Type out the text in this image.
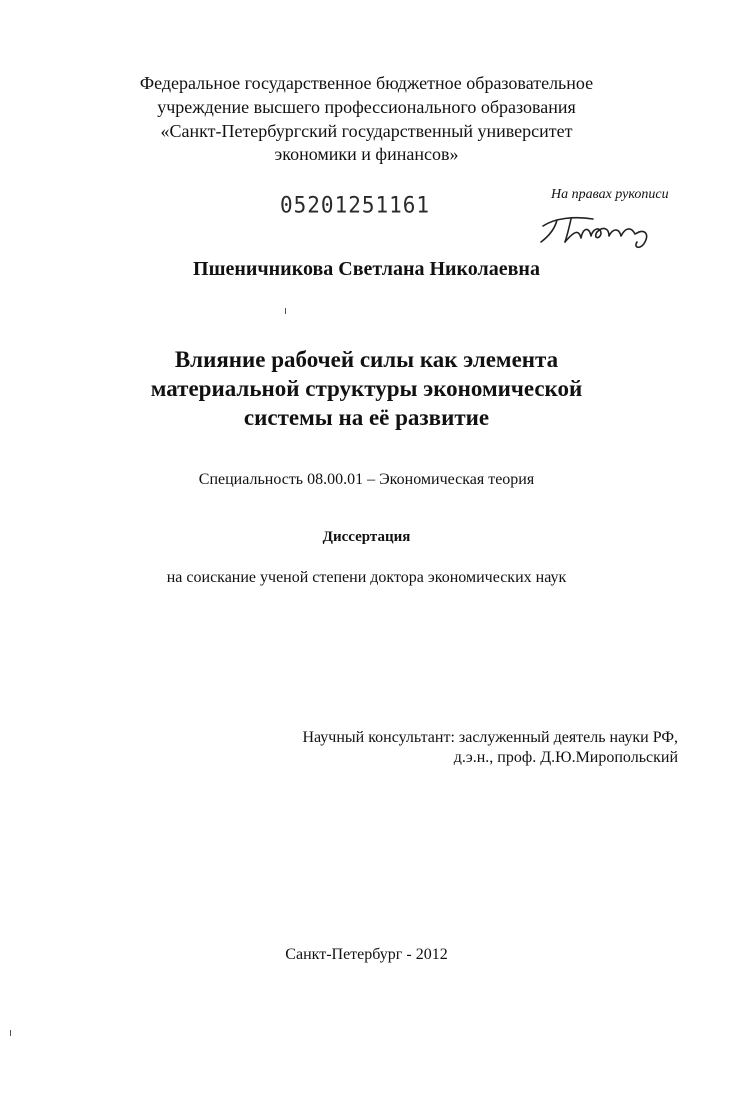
Федеральное государственное бюджетное образовательное
учреждение высшего профессионального образования
«Санкт-Петербургский государственный университет
экономики и финансов»
05201251161	На правах рукописи
Пшеничникова Светлана Николаевна
Влияние рабочей силы как элемента
материальной структуры экономической
системы на её развитие
Специальность 08.00.01 – Экономическая теория
Диссертация
на соискание ученой степени доктора экономических наук
Научный консультант: заслуженный деятель науки РФ,
д.э.н., проф. Д.Ю.Миропольский
Санкт-Петербург - 2012
